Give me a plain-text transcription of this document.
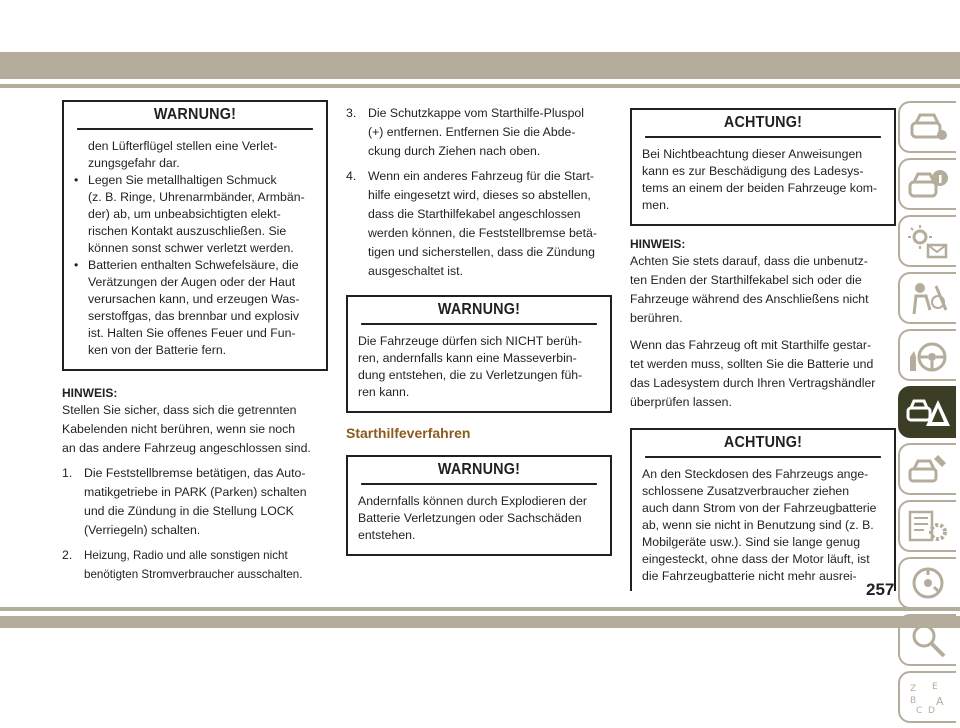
WARNUNG!

den Lüfterflügel stellen eine Verlet-

zungsgefahr dar.

• Legen Sie metallhaltigen Schmuck

(z. B. Ringe, Uhrenarmbänder, Armbän-

der) ab, um unbeabsichtigten elekt-

rischen Kontakt auszuschließen. Sie

können sonst schwer verletzt werden.

• Batterien enthalten Schwefelsäure, die

Verätzungen der Augen oder der Haut

verursachen kann, und erzeugen Was-

serstoffgas, das brennbar und explosiv

ist. Halten Sie offenes Feuer und Fun-

ken von der Batterie fern.

HINWEIS:

Stellen Sie sicher, dass sich die getrennten

Kabelenden nicht berühren, wenn sie noch

an das andere Fahrzeug angeschlossen sind.

1. Die Feststellbremse betätigen, das Auto-

matikgetriebe in PARK (Parken) schalten

und die Zündung in die Stellung LOCK

(Verriegeln) schalten.

2. Heizung, Radio und alle sonstigen nicht

benötigten Stromverbraucher ausschalten.

3. Die Schutzkappe vom Starthilfe-Pluspol

(+) entfernen. Entfernen Sie die Abde-

ckung durch Ziehen nach oben.

4. Wenn ein anderes Fahrzeug für die Start-

hilfe eingesetzt wird, dieses so abstellen,

dass die Starthilfekabel angeschlossen

werden können, die Feststellbremse betä-

tigen und sicherstellen, dass die Zündung

ausgeschaltet ist.

WARNUNG!

Die Fahrzeuge dürfen sich NICHT berüh-

ren, andernfalls kann eine Masseverbin-

dung entstehen, die zu Verletzungen füh-

ren kann.

Starthilfeverfahren

WARNUNG!

Andernfalls können durch Explodieren der

Batterie Verletzungen oder Sachschäden

entstehen.

ACHTUNG!

Bei Nichtbeachtung dieser Anweisungen

kann es zur Beschädigung des Ladesys-

tems an einem der beiden Fahrzeuge kom-

men.

HINWEIS:

Achten Sie stets darauf, dass die unbenutz-

ten Enden der Starthilfekabel sich oder die

Fahrzeuge während des Anschließens nicht

berühren.

Wenn das Fahrzeug oft mit Starthilfe gestar-

tet werden muss, sollten Sie die Batterie und

das Ladesystem durch Ihren Vertragshändler

überprüfen lassen.

ACHTUNG!

An den Steckdosen des Fahrzeugs ange-

schlossene Zusatzverbraucher ziehen

auch dann Strom von der Fahrzeugbatterie

ab, wenn sie nicht in Benutzung sind (z. B.

Mobilgeräte usw.). Sind sie lange genug

eingesteckt, ohne dass der Motor läuft, ist

die Fahrzeugbatterie nicht mehr ausrei-

Z E
B A
C D
257
